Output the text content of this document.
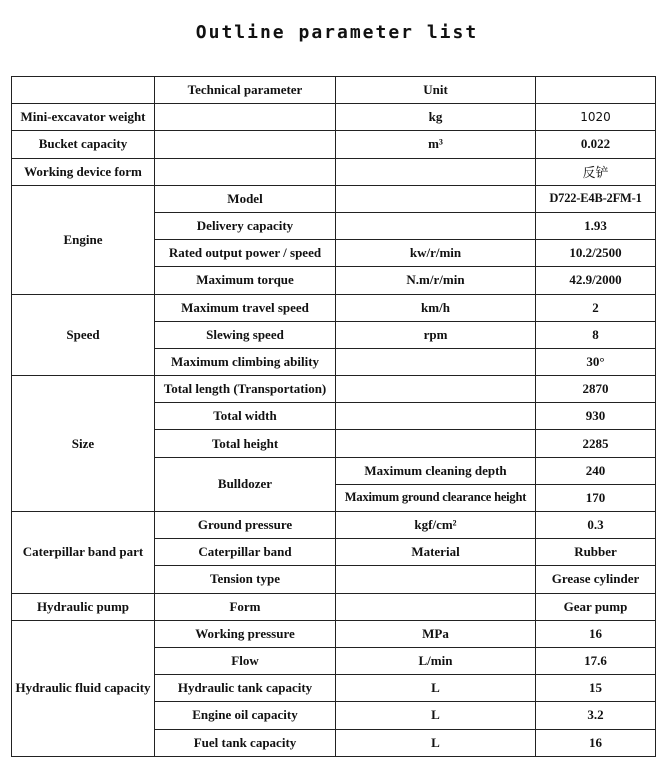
Outline parameter list
	Technical parameter	Unit	
Mini-excavator weight		kg	1020
Bucket capacity		m³	0.022
Working device form			反铲
Engine	Model		D722-E4B-2FM-1
	Delivery capacity		1.93
	Rated output power / speed	kw/r/min	10.2/2500
	Maximum torque	N.m/r/min	42.9/2000
Speed	Maximum travel speed	km/h	2
	Slewing speed	rpm	8
	Maximum climbing ability		30°
Size	Total length (Transportation)		2870
	Total width		930
	Total height		2285
	Bulldozer	Maximum cleaning depth	240
		Maximum ground clearance height	170
Caterpillar band part	Ground pressure	kgf/cm²	0.3
	Caterpillar band	Material	Rubber
	Tension type		Grease cylinder
Hydraulic pump	Form		Gear pump
Hydraulic fluid capacity	Working pressure	MPa	16
	Flow	L/min	17.6
	Hydraulic tank capacity	L	15
	Engine oil capacity	L	3.2
	Fuel tank capacity	L	16
